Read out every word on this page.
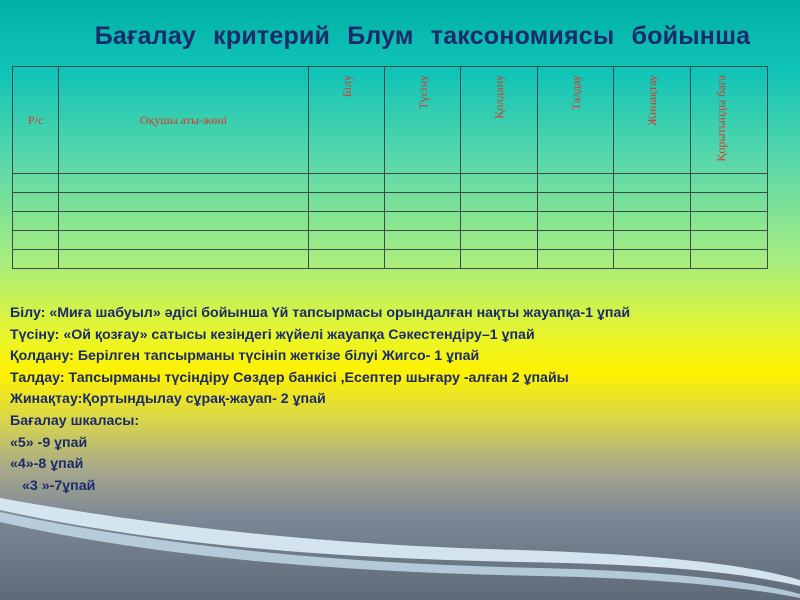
Бағалау критерий Блум таксономиясы бойынша
Р/с	Оқушы аты-жөні	Білу	Түсіну	Қолдану	Талдау	Жинақтау	Қорытынды баға

Білу: «Миға шабуыл» әдісі бойынша Үй тапсырмасы орындалған нақты жауапқа-1 ұпай
Түсіну: «Ой қозғау» сатысы кезіндегі жүйелі жауапқа Сәкестендіру–1 ұпай
Қолдану: Берілген тапсырманы түсініп жеткізе білуі Жигсо- 1 ұпай
Талдау: Тапсырманы түсіндіру Сөздер банкісі ,Есептер шығару -алған 2 ұпайы
Жинақтау:Қортындылау сұрақ-жауап- 2 ұпай
Бағалау шкаласы:
«5» -9 ұпай
«4»-8 ұпай
«3 »-7ұпай
